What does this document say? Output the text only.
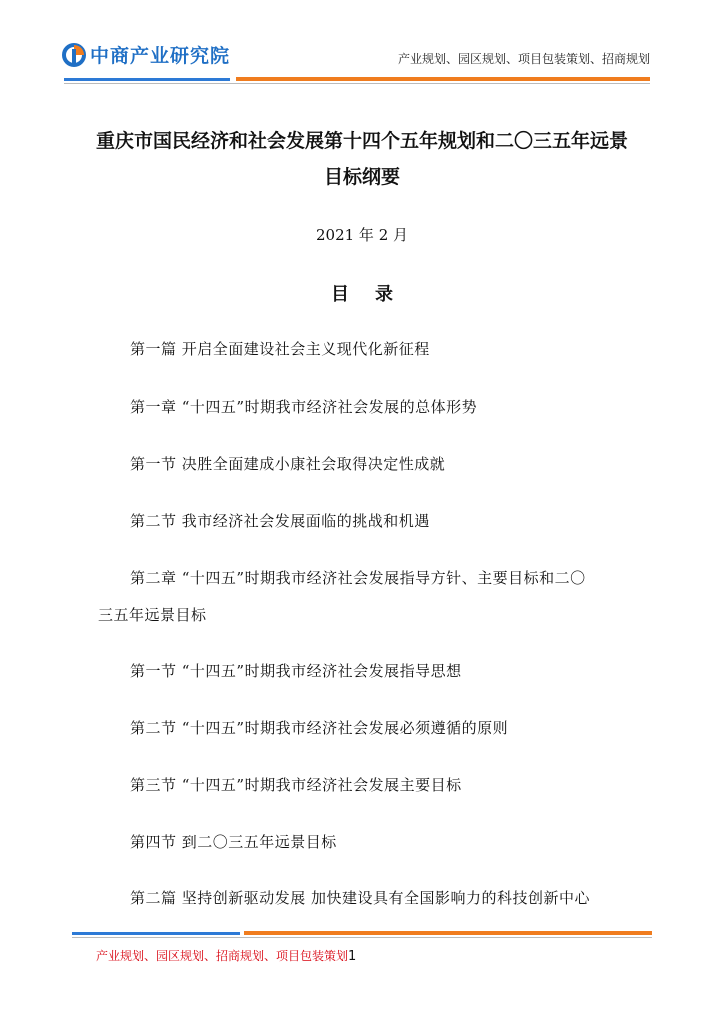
中商产业研究院	产业规划、园区规划、项目包装策划、招商规划
重庆市国民经济和社会发展第十四个五年规划和二〇三五年远景
目标纲要
2021 年 2 月
目录
第一篇 开启全面建设社会主义现代化新征程
第一章 “十四五”时期我市经济社会发展的总体形势
第一节 决胜全面建成小康社会取得决定性成就
第二节 我市经济社会发展面临的挑战和机遇
第二章 “十四五”时期我市经济社会发展指导方针、主要目标和二〇
三五年远景目标
第一节 “十四五”时期我市经济社会发展指导思想
第二节 “十四五”时期我市经济社会发展必须遵循的原则
第三节 “十四五”时期我市经济社会发展主要目标
第四节 到二〇三五年远景目标
第二篇 坚持创新驱动发展 加快建设具有全国影响力的科技创新中心
产业规划、园区规划、招商规划、项目包装策划1
